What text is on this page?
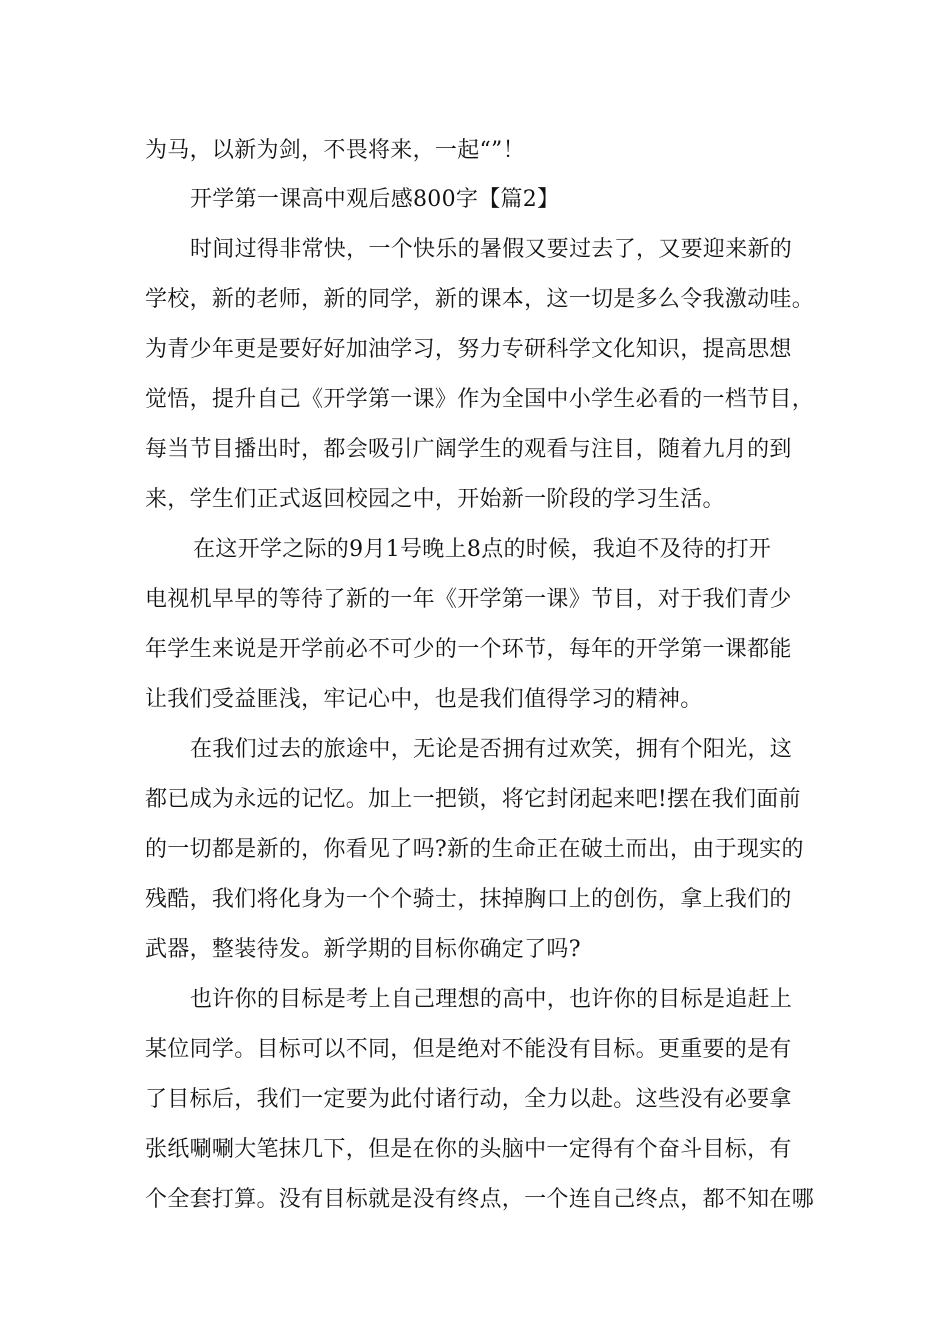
为马，以新为剑，不畏将来，一起“”！
开学第一课高中观后感800字【篇2】
时间过得非常快，一个快乐的暑假又要过去了，又要迎来新的
学校，新的老师，新的同学，新的课本，这一切是多么令我激动哇。
为青少年更是要好好加油学习，努力专研科学文化知识，提高思想
觉悟，提升自己《开学第一课》作为全国中小学生必看的一档节目，
每当节目播出时，都会吸引广阔学生的观看与注目，随着九月的到
来，学生们正式返回校园之中，开始新一阶段的学习生活。
在这开学之际的9月1号晚上8点的时候，我迫不及待的打开
电视机早早的等待了新的一年《开学第一课》节目，对于我们青少
年学生来说是开学前必不可少的一个环节，每年的开学第一课都能
让我们受益匪浅，牢记心中，也是我们值得学习的精神。
在我们过去的旅途中，无论是否拥有过欢笑，拥有个阳光，这
都已成为永远的记忆。加上一把锁，将它封闭起来吧!摆在我们面前
的一切都是新的，你看见了吗?新的生命正在破土而出，由于现实的
残酷，我们将化身为一个个骑士，抹掉胸口上的创伤，拿上我们的
武器，整装待发。新学期的目标你确定了吗?
也许你的目标是考上自己理想的高中，也许你的目标是追赶上
某位同学。目标可以不同，但是绝对不能没有目标。更重要的是有
了目标后，我们一定要为此付诸行动，全力以赴。这些没有必要拿
张纸唰唰大笔抹几下，但是在你的头脑中一定得有个奋斗目标，有
个全套打算。没有目标就是没有终点，一个连自己终点，都不知在哪
